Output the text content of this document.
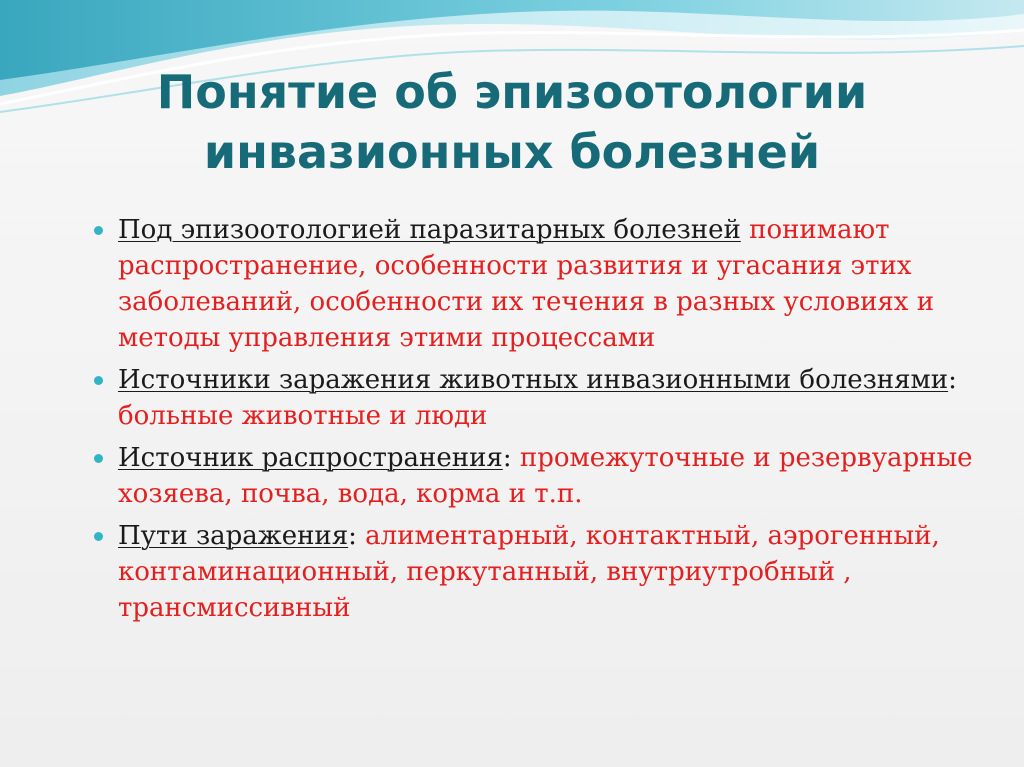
Понятие об эпизоотологии
инвазионных болезней
Под эпизоотологией паразитарных болезней понимают распространение, особенности развития и угасания этих заболеваний, особенности их течения в разных условиях и методы управления этими процессами
Источники заражения животных инвазионными болезнями: больные животные и люди
Источник распространения: промежуточные и резервуарные хозяева, почва, вода, корма и т.п.
Пути заражения: алиментарный, контактный, аэрогенный, контаминационный, перкутанный, внутриутробный , трансмиссивный
